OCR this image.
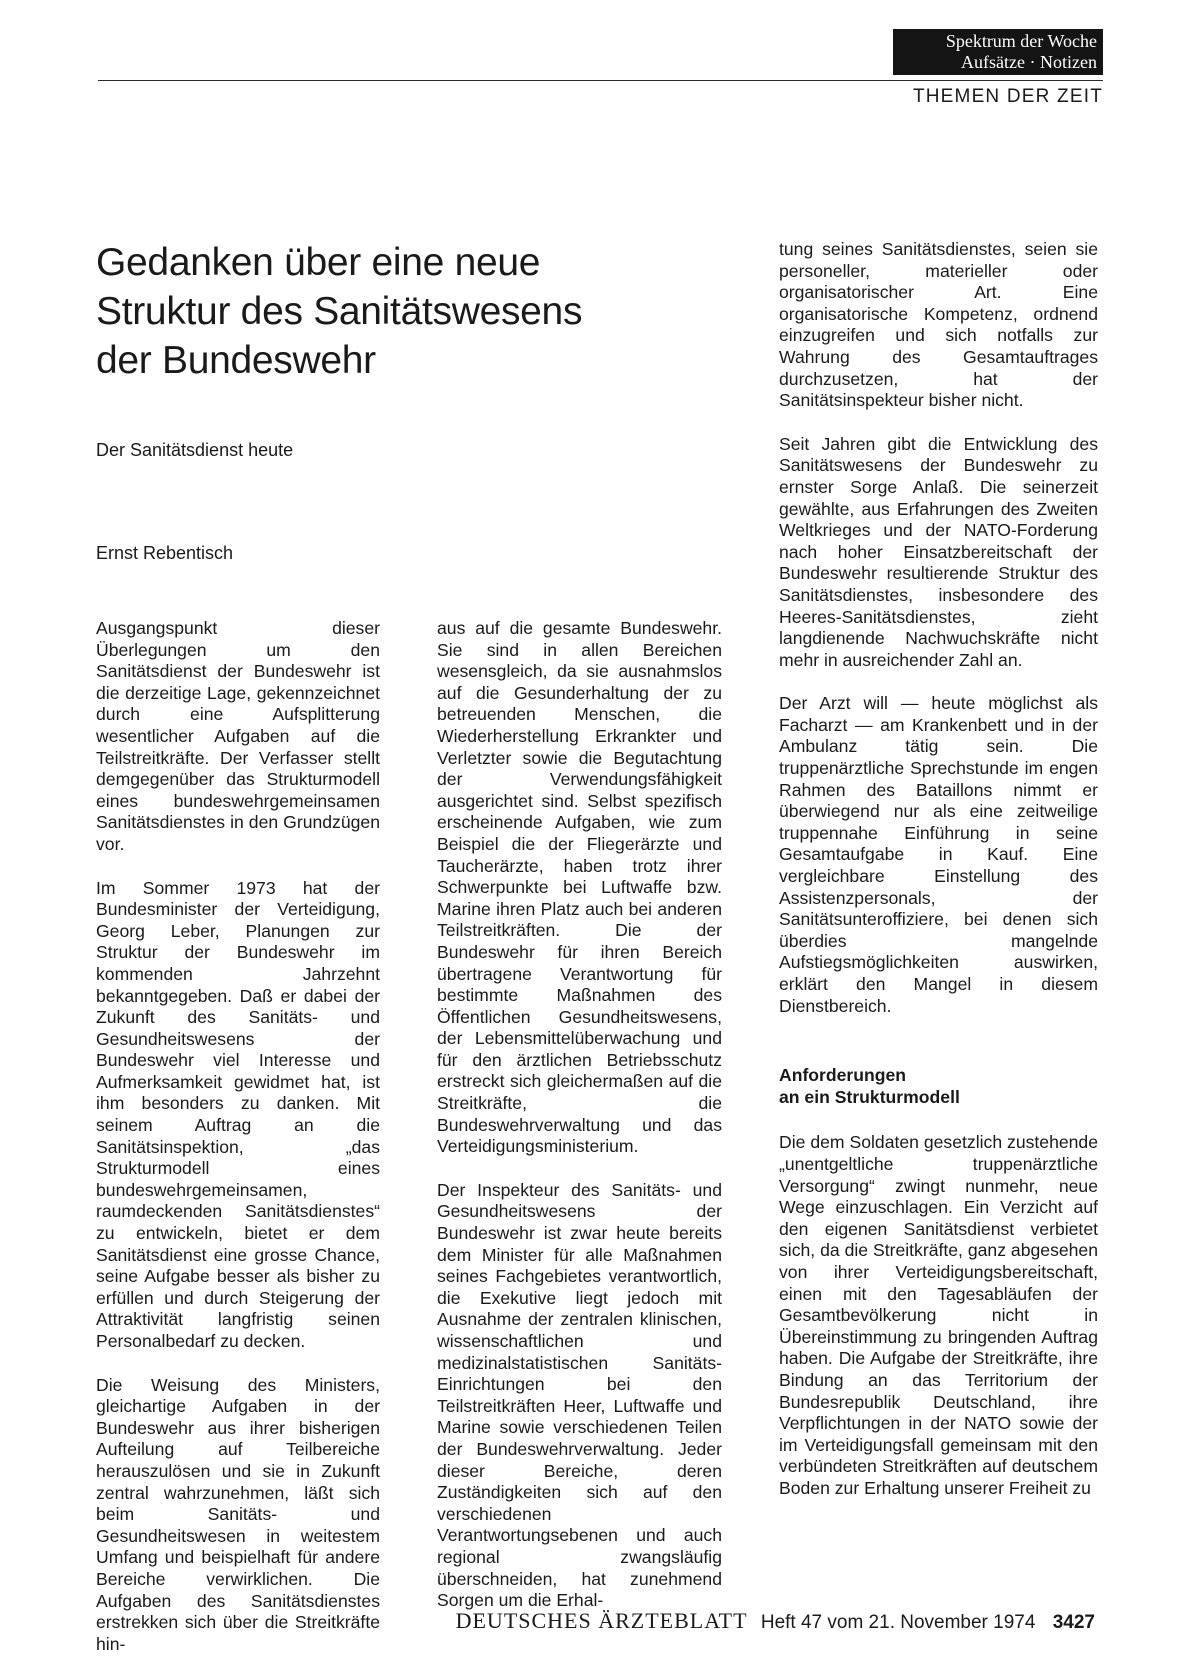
Spektrum der Woche
Aufsätze · Notizen
THEMEN DER ZEIT
Gedanken über eine neue
Struktur des Sanitätswesens
der Bundeswehr
Der Sanitätsdienst heute
Ernst Rebentisch

Ausgangspunkt dieser Überlegungen um den Sanitätsdienst der Bundeswehr ist die derzeitige Lage, gekennzeichnet durch eine Aufsplitterung wesentlicher Aufgaben auf die Teilstreitkräfte. Der Verfasser stellt demgegenüber das Strukturmodell eines bundeswehrgemeinsamen Sanitätsdienstes in den Grundzügen vor.

Im Sommer 1973 hat der Bundesminister der Verteidigung, Georg Leber, Planungen zur Struktur der Bundeswehr im kommenden Jahrzehnt bekanntgegeben. Daß er dabei der Zukunft des Sanitäts- und Gesundheitswesens der Bundeswehr viel Interesse und Aufmerksamkeit gewidmet hat, ist ihm besonders zu danken. Mit seinem Auftrag an die Sanitätsinspektion, „das Strukturmodell eines bundeswehrgemeinsamen, raumdeckenden Sanitätsdienstes“ zu entwickeln, bietet er dem Sanitätsdienst eine grosse Chance, seine Aufgabe besser als bisher zu erfüllen und durch Steigerung der Attraktivität langfristig seinen Personalbedarf zu decken.

Die Weisung des Ministers, gleichartige Aufgaben in der Bundeswehr aus ihrer bisherigen Aufteilung auf Teilbereiche herauszulösen und sie in Zukunft zentral wahrzunehmen, läßt sich beim Sanitäts- und Gesundheitswesen in weitestem Umfang und beispielhaft für andere Bereiche verwirklichen. Die Aufgaben des Sanitätsdienstes erstrekken sich über die Streitkräfte hin-

aus auf die gesamte Bundeswehr. Sie sind in allen Bereichen wesensgleich, da sie ausnahmslos auf die Gesunderhaltung der zu betreuenden Menschen, die Wiederherstellung Erkrankter und Verletzter sowie die Begutachtung der Verwendungsfähigkeit ausgerichtet sind. Selbst spezifisch erscheinende Aufgaben, wie zum Beispiel die der Fliegerärzte und Taucherärzte, haben trotz ihrer Schwerpunkte bei Luftwaffe bzw. Marine ihren Platz auch bei anderen Teilstreitkräften. Die der Bundeswehr für ihren Bereich übertragene Verantwortung für bestimmte Maßnahmen des Öffentlichen Gesundheitswesens, der Lebensmittelüberwachung und für den ärztlichen Betriebsschutz erstreckt sich gleichermaßen auf die Streitkräfte, die Bundeswehrverwaltung und das Verteidigungsministerium.

Der Inspekteur des Sanitäts- und Gesundheitswesens der Bundeswehr ist zwar heute bereits dem Minister für alle Maßnahmen seines Fachgebietes verantwortlich, die Exekutive liegt jedoch mit Ausnahme der zentralen klinischen, wissenschaftlichen und medizinalstatistischen Sanitäts-Einrichtungen bei den Teilstreitkräften Heer, Luftwaffe und Marine sowie verschiedenen Teilen der Bundeswehrverwaltung. Jeder dieser Bereiche, deren Zuständigkeiten sich auf den verschiedenen Verantwortungsebenen und auch regional zwangsläufig überschneiden, hat zunehmend Sorgen um die Erhal-

tung seines Sanitätsdienstes, seien sie personeller, materieller oder organisatorischer Art. Eine organisatorische Kompetenz, ordnend einzugreifen und sich notfalls zur Wahrung des Gesamtauftrages durchzusetzen, hat der Sanitätsinspekteur bisher nicht.

Seit Jahren gibt die Entwicklung des Sanitätswesens der Bundeswehr zu ernster Sorge Anlaß. Die seinerzeit gewählte, aus Erfahrungen des Zweiten Weltkrieges und der NATO-Forderung nach hoher Einsatzbereitschaft der Bundeswehr resultierende Struktur des Sanitätsdienstes, insbesondere des Heeres-Sanitätsdienstes, zieht langdienende Nachwuchskräfte nicht mehr in ausreichender Zahl an.

Der Arzt will — heute möglichst als Facharzt — am Krankenbett und in der Ambulanz tätig sein. Die truppenärztliche Sprechstunde im engen Rahmen des Bataillons nimmt er überwiegend nur als eine zeitweilige truppennahe Einführung in seine Gesamtaufgabe in Kauf. Eine vergleichbare Einstellung des Assistenzpersonals, der Sanitätsunteroffiziere, bei denen sich überdies mangelnde Aufstiegsmöglichkeiten auswirken, erklärt den Mangel in diesem Dienstbereich.

Anforderungen
an ein Strukturmodell

Die dem Soldaten gesetzlich zustehende „unentgeltliche truppenärztliche Versorgung“ zwingt nunmehr, neue Wege einzuschlagen. Ein Verzicht auf den eigenen Sanitätsdienst verbietet sich, da die Streitkräfte, ganz abgesehen von ihrer Verteidigungsbereitschaft, einen mit den Tagesabläufen der Gesamtbevölkerung nicht in Übereinstimmung zu bringenden Auftrag haben. Die Aufgabe der Streitkräfte, ihre Bindung an das Territorium der Bundesrepublik Deutschland, ihre Verpflichtungen in der NATO sowie der im Verteidigungsfall gemeinsam mit den verbündeten Streitkräften auf deutschem Boden zur Erhaltung unserer Freiheit zu

DEUTSCHES ÄRZTEBLATT Heft 47 vom 21. November 1974 3427
